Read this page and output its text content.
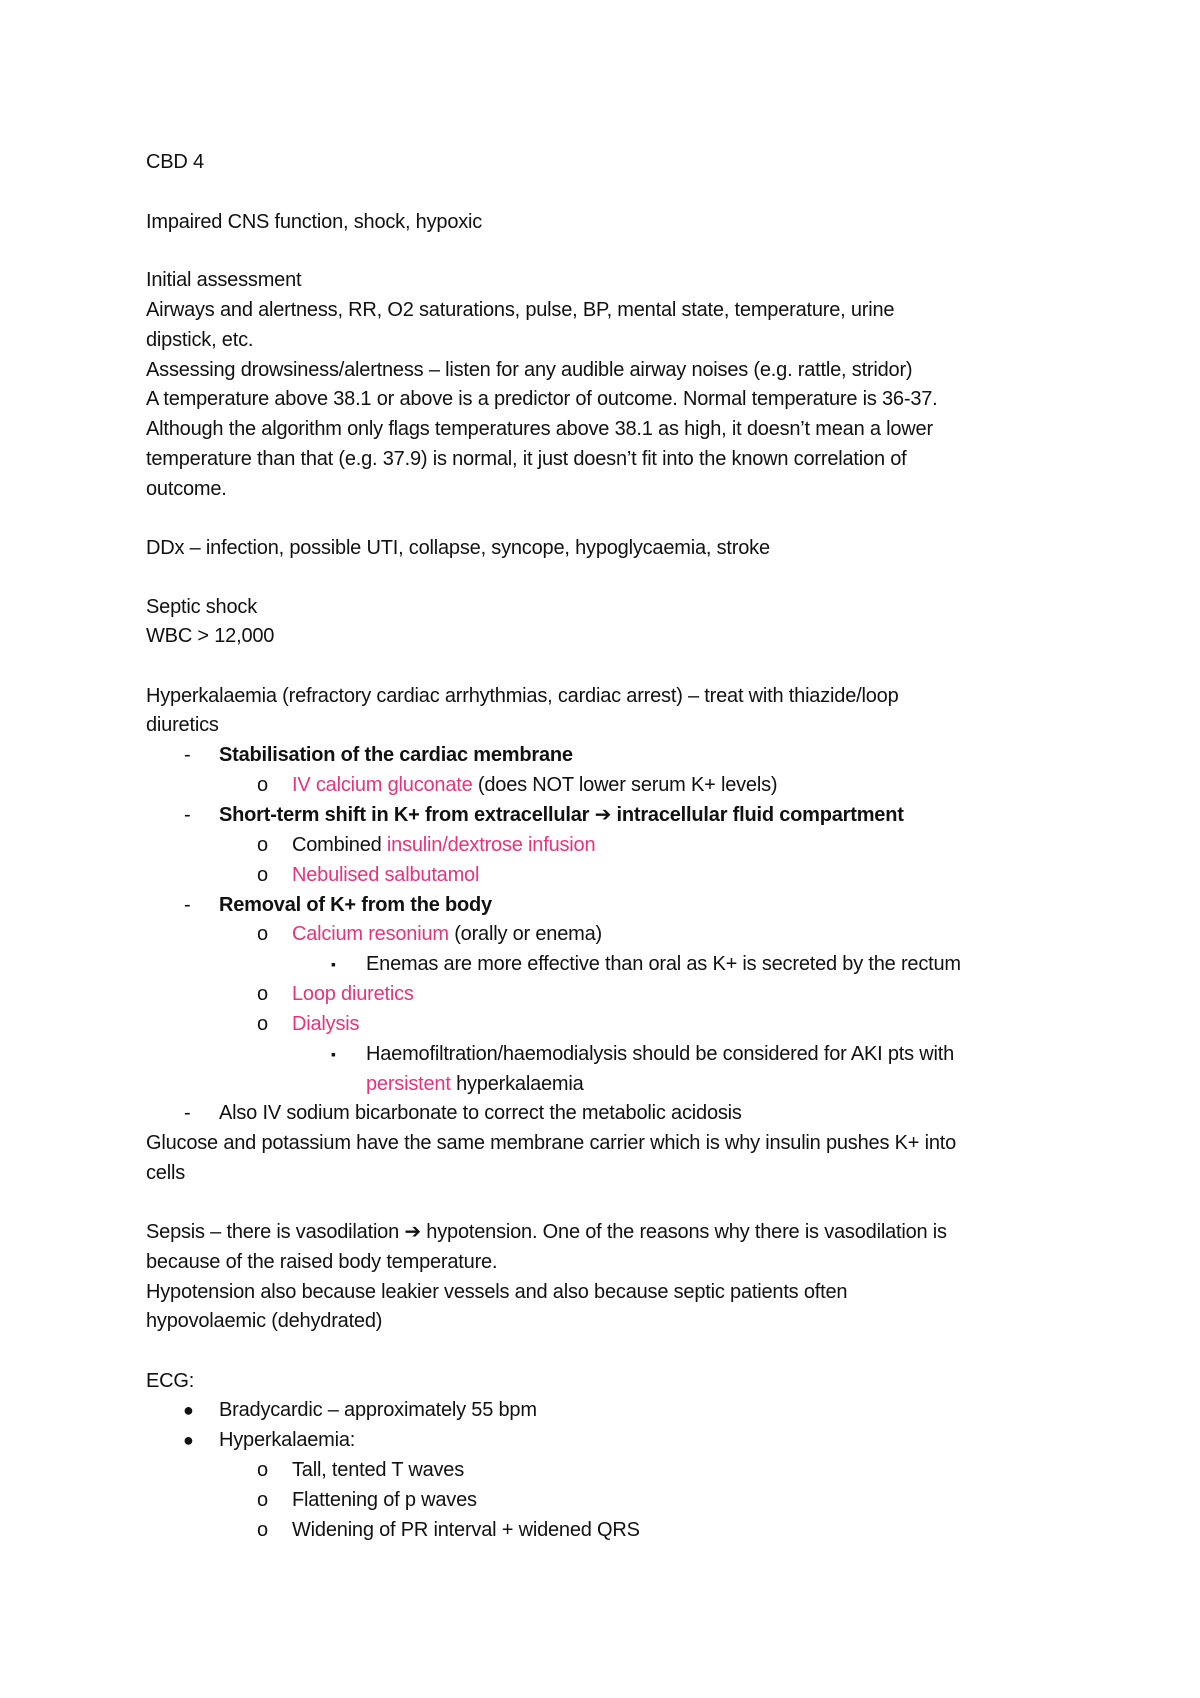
CBD 4
Impaired CNS function, shock, hypoxic
Initial assessment
Airways and alertness, RR, O2 saturations, pulse, BP, mental state, temperature, urine
dipstick, etc.
Assessing drowsiness/alertness – listen for any audible airway noises (e.g. rattle, stridor)
A temperature above 38.1 or above is a predictor of outcome. Normal temperature is 36-37.
Although the algorithm only flags temperatures above 38.1 as high, it doesn’t mean a lower
temperature than that (e.g. 37.9) is normal, it just doesn’t fit into the known correlation of
outcome.
DDx – infection, possible UTI, collapse, syncope, hypoglycaemia, stroke
Septic shock
WBC > 12,000
Hyperkalaemia (refractory cardiac arrhythmias, cardiac arrest) – treat with thiazide/loop
diuretics
- Stabilisation of the cardiac membrane
o IV calcium gluconate (does NOT lower serum K+ levels)
- Short-term shift in K+ from extracellular ➔ intracellular fluid compartment
o Combined insulin/dextrose infusion
o Nebulised salbutamol
- Removal of K+ from the body
o Calcium resonium (orally or enema)
▪ Enemas are more effective than oral as K+ is secreted by the rectum
o Loop diuretics
o Dialysis
▪ Haemofiltration/haemodialysis should be considered for AKI pts with
persistent hyperkalaemia
- Also IV sodium bicarbonate to correct the metabolic acidosis
Glucose and potassium have the same membrane carrier which is why insulin pushes K+ into
cells
Sepsis – there is vasodilation ➔ hypotension. One of the reasons why there is vasodilation is
because of the raised body temperature.
Hypotension also because leakier vessels and also because septic patients often
hypovolaemic (dehydrated)
ECG:
● Bradycardic – approximately 55 bpm
● Hyperkalaemia:
o Tall, tented T waves
o Flattening of p waves
o Widening of PR interval + widened QRS
